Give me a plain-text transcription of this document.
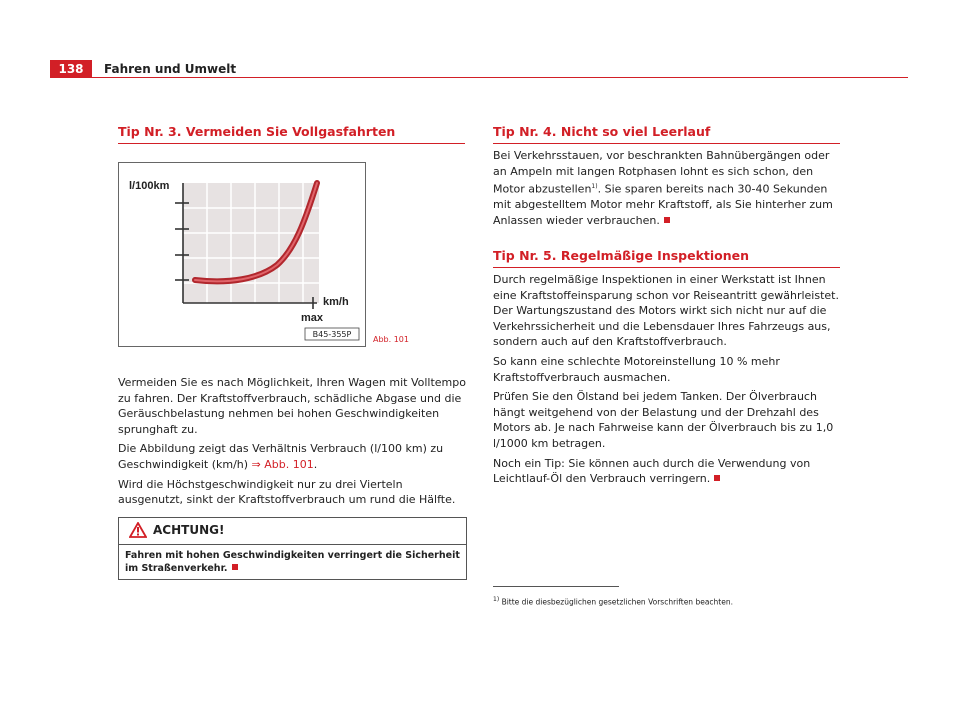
138	Fahren und Umwelt
Tip Nr. 3. Vermeiden Sie Vollgasfahrten
l/100km
km/h
max
B45-355P
Abb. 101

Vermeiden Sie es nach Möglichkeit, Ihren Wagen mit Volltempo zu fahren. Der Kraftstoffverbrauch, schädliche Abgase und die Geräuschbelastung nehmen bei hohen Geschwindigkeiten sprunghaft zu.

Die Abbildung zeigt das Verhältnis Verbrauch (l/100 km) zu Geschwindigkeit (km/h) ⇒ Abb. 101.

Wird die Höchstgeschwindigkeit nur zu drei Vierteln ausgenutzt, sinkt der Kraftstoffverbrauch um rund die Hälfte.

ACHTUNG!
Fahren mit hohen Geschwindigkeiten verringert die Sicherheit im Straßenverkehr.
Tip Nr. 4. Nicht so viel Leerlauf

Bei Verkehrsstauen, vor beschrankten Bahnübergängen oder an Ampeln mit langen Rotphasen lohnt es sich schon, den Motor abzustellen$^{1)}$. Sie sparen bereits nach 30-40 Sekunden mit abgestelltem Motor mehr Kraftstoff, als Sie hinterher zum Anlassen wieder verbrauchen.

Tip Nr. 5. Regelmäßige Inspektionen

Durch regelmäßige Inspektionen in einer Werkstatt ist Ihnen eine Kraftstoffeinsparung schon vor Reiseantritt gewährleistet. Der Wartungszustand des Motors wirkt sich nicht nur auf die Verkehrssicherheit und die Lebensdauer Ihres Fahrzeugs aus, sondern auch auf den Kraftstoffverbrauch.

So kann eine schlechte Motoreinstellung 10 % mehr Kraftstoffverbrauch ausmachen.

Prüfen Sie den Ölstand bei jedem Tanken. Der Ölverbrauch hängt weitgehend von der Belastung und der Drehzahl des Motors ab. Je nach Fahrweise kann der Ölverbrauch bis zu 1,0 l/1000 km betragen.

Noch ein Tip: Sie können auch durch die Verwendung von Leichtlauf-Öl den Verbrauch verringern.

$^{1)}$ Bitte die diesbezüglichen gesetzlichen Vorschriften beachten.
